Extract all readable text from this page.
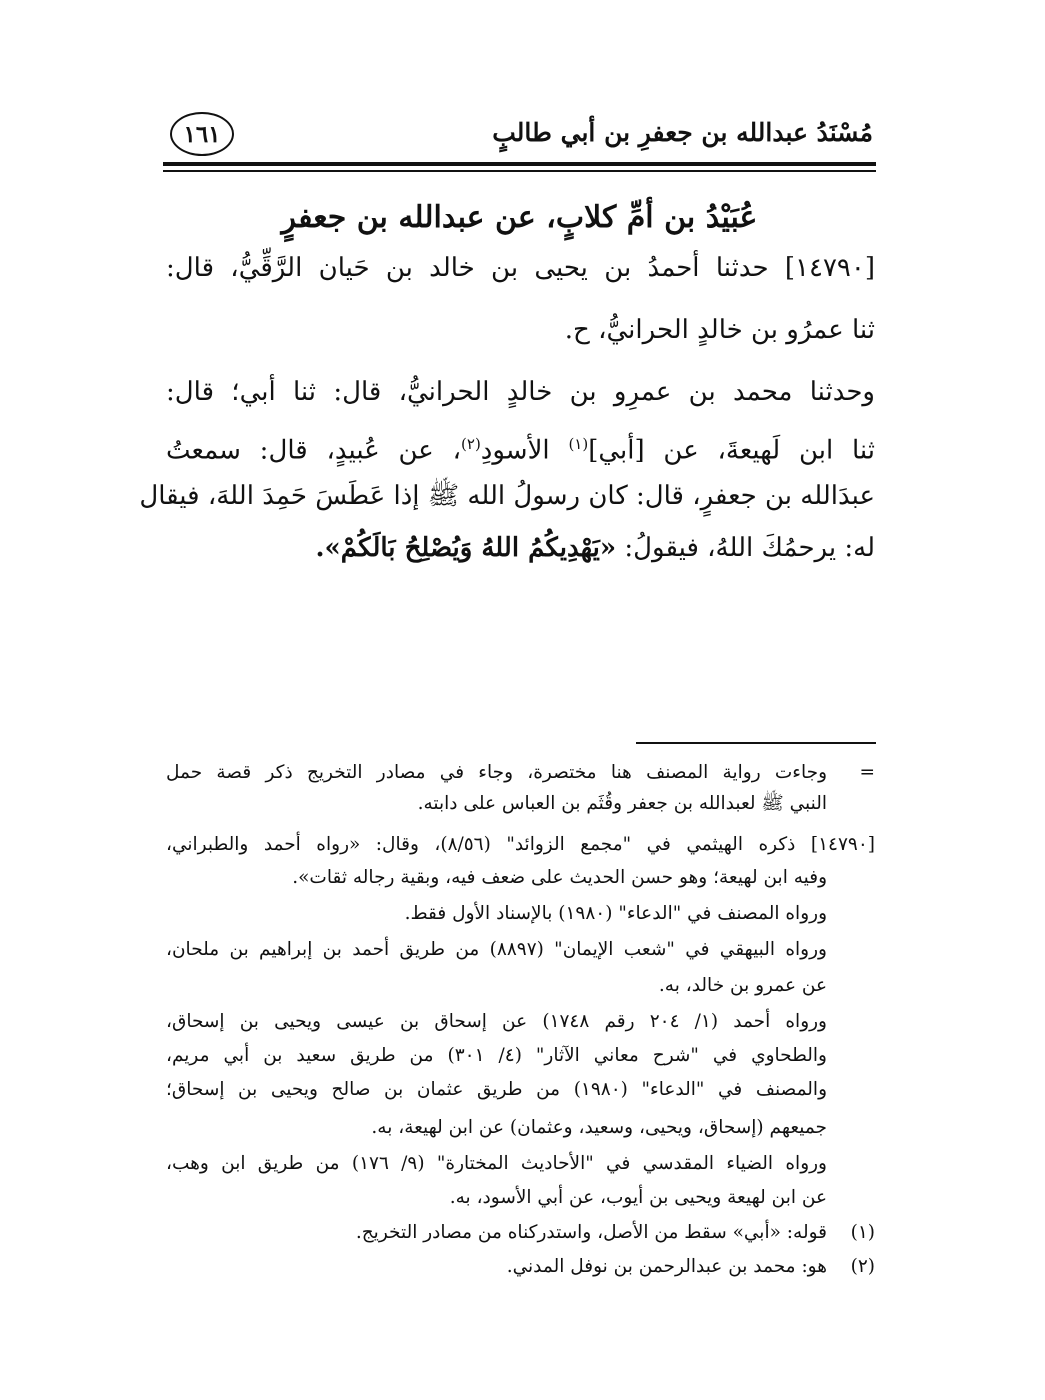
مُسْنَدُ عبدالله بن جعفرِ بن أبي طالبٍ
١٦١
عُبَيْدُ بن أمِّ كلابٍ، عن عبدالله بن جعفرٍ
[١٤٧٩٠] حدثنا أحمدُ بن يحيى بن خالد بن حَيان الرَّقِّيُّ، قال:
ثنا عمرُو بن خالدٍ الحرانيُّ، ح.
وحدثنا محمد بن عمرِو بن خالدٍ الحرانيُّ، قال: ثنا أبي؛ قال:
ثنا ابن لَهيعةَ، عن [أبي]$^{(١)}$ الأسودِ$^{(٢)}$، عن عُبيدٍ، قال: سمعتُ
عبدَالله بن جعفرٍ، قال: كان رسولُ الله ﷺ إذا عَطَسَ حَمِدَ اللهَ، فيقال
له: يرحمُكَ اللهُ، فيقولُ: «يَهْدِيكُمُ اللهُ وَيُصْلِحُ بَالَكُمْ».
=
وجاءت رواية المصنف هنا مختصرة، وجاء في مصادر التخريج ذكر قصة حمل
النبي ﷺ لعبدالله بن جعفر وقُثَم بن العباس على دابته.
[١٤٧٩٠] ذكره الهيثمي في "مجمع الزوائد" (٨/٥٦)، وقال: «رواه أحمد والطبراني،
وفيه ابن لهيعة؛ وهو حسن الحديث على ضعف فيه، وبقية رجاله ثقات».
ورواه المصنف في "الدعاء" (١٩٨٠) بالإسناد الأول فقط.
ورواه البيهقي في "شعب الإيمان" (٨٨٩٧) من طريق أحمد بن إبراهيم بن ملحان،
عن عمرو بن خالد، به.
ورواه أحمد (١/ ٢٠٤ رقم ١٧٤٨) عن إسحاق بن عيسى ويحيى بن إسحاق،
والطحاوي في "شرح معاني الآثار" (٤/ ٣٠١) من طريق سعيد بن أبي مريم،
والمصنف في "الدعاء" (١٩٨٠) من طريق عثمان بن صالح ويحيى بن إسحاق؛
جميعهم (إسحاق، ويحيى، وسعيد، وعثمان) عن ابن لهيعة، به.
ورواه الضياء المقدسي في "الأحاديث المختارة" (٩/ ١٧٦) من طريق ابن وهب،
عن ابن لهيعة ويحيى بن أيوب، عن أبي الأسود، به.
(١)
قوله: «أبي» سقط من الأصل، واستدركناه من مصادر التخريج.
(٢)
هو: محمد بن عبدالرحمن بن نوفل المدني.
